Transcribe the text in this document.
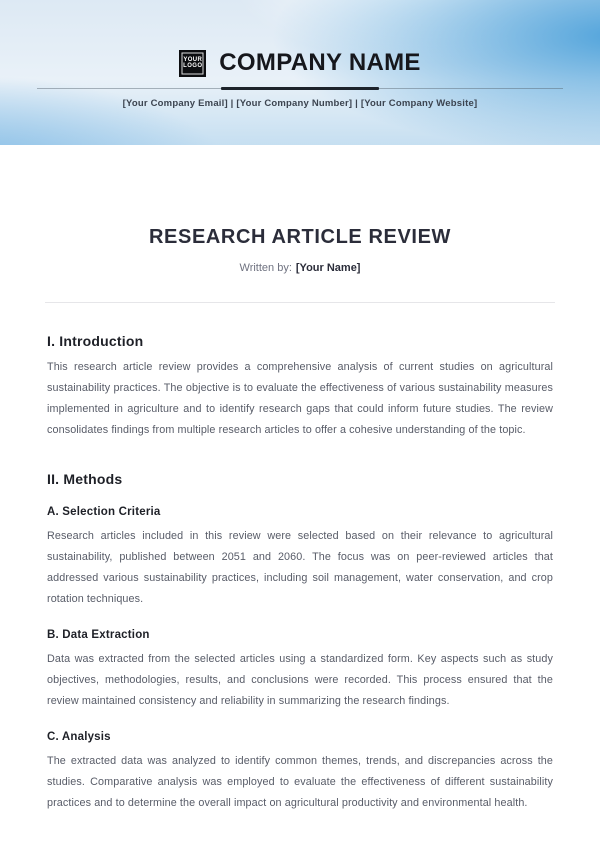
YOUR
LOGO COMPANY NAME
[Your Company Email] | [Your Company Number] | [Your Company Website]
RESEARCH ARTICLE REVIEW
Written by: [Your Name]
I. Introduction

This research article review provides a comprehensive analysis of current studies on agricultural sustainability practices. The objective is to evaluate the effectiveness of various sustainability measures implemented in agriculture and to identify research gaps that could inform future studies. The review consolidates findings from multiple research articles to offer a cohesive understanding of the topic.

II. Methods
A. Selection Criteria

Research articles included in this review were selected based on their relevance to agricultural sustainability, published between 2051 and 2060. The focus was on peer-reviewed articles that addressed various sustainability practices, including soil management, water conservation, and crop rotation techniques.

B. Data Extraction

Data was extracted from the selected articles using a standardized form. Key aspects such as study objectives, methodologies, results, and conclusions were recorded. This process ensured that the review maintained consistency and reliability in summarizing the research findings.

C. Analysis

The extracted data was analyzed to identify common themes, trends, and discrepancies across the studies. Comparative analysis was employed to evaluate the effectiveness of different sustainability practices and to determine the overall impact on agricultural productivity and environmental health.
